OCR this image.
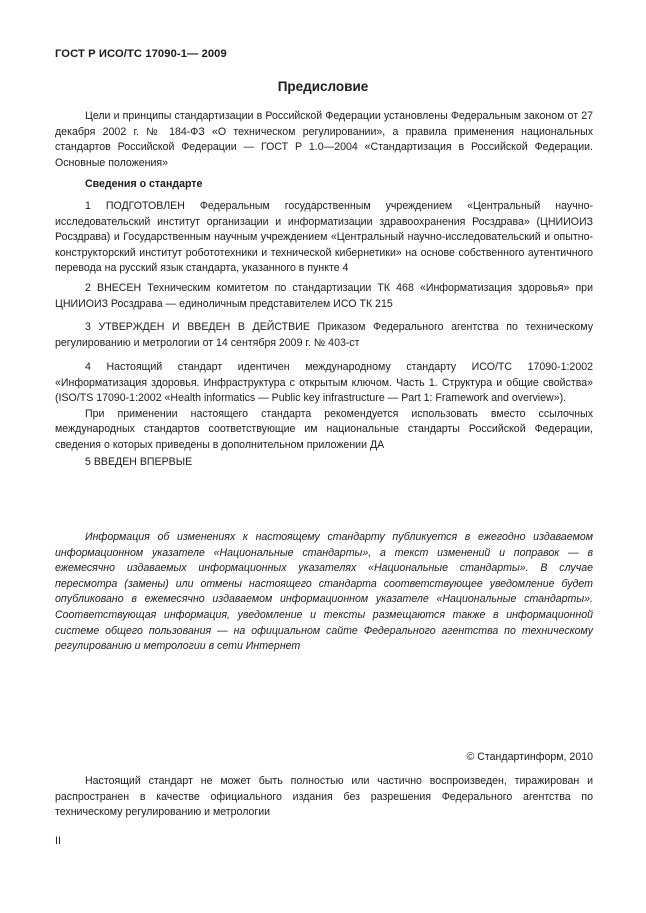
ГОСТ Р ИСО/ТС 17090-1— 2009
Предисловие

Цели и принципы стандартизации в Российской Федерации установлены Федеральным законом от 27 декабря 2002 г. № 184-ФЗ «О техническом регулировании», а правила применения национальных стандартов Российской Федерации — ГОСТ Р 1.0—2004 «Стандартизация в Российской Федерации. Основные положения»

Сведения о стандарте

1 ПОДГОТОВЛЕН Федеральным государственным учреждением «Центральный научно-исследовательский институт организации и информатизации здравоохранения Росздрава» (ЦНИИОИЗ Росздрава) и Государственным научным учреждением «Центральный научно-исследовательский и опытно-конструкторский институт робототехники и технической кибернетики» на основе собственного аутентичного перевода на русский язык стандарта, указанного в пункте 4

2 ВНЕСЕН Техническим комитетом по стандартизации ТК 468 «Информатизация здоровья» при ЦНИИОИЗ Росздрава — единоличным представителем ИСО ТК 215

3 УТВЕРЖДЕН И ВВЕДЕН В ДЕЙСТВИЕ Приказом Федерального агентства по техническому регулированию и метрологии от 14 сентября 2009 г. № 403-ст

4 Настоящий стандарт идентичен международному стандарту ИСО/ТС 17090-1:2002 «Информатизация здоровья. Инфраструктура с открытым ключом. Часть 1. Структура и общие свойства» (ISO/TS 17090-1:2002 «Health informatics — Public key infrastructure — Part 1: Framework and overview»).

При применении настоящего стандарта рекомендуется использовать вместо ссылочных международных стандартов соответствующие им национальные стандарты Российской Федерации, сведения о которых приведены в дополнительном приложении ДА

5 ВВЕДЕН ВПЕРВЫЕ

Информация об изменениях к настоящему стандарту публикуется в ежегодно издаваемом информационном указателе «Национальные стандарты», а текст изменений и поправок — в ежемесячно издаваемых информационных указателях «Национальные стандарты». В случае пересмотра (замены) или отмены настоящего стандарта соответствующее уведомление будет опубликовано в ежемесячно издаваемом информационном указателе «Национальные стандарты». Соответствующая информация, уведомление и тексты размещаются также в информационной системе общего пользования — на официальном сайте Федерального агентства по техническому регулированию и метрологии в сети Интернет

© Стандартинформ, 2010

Настоящий стандарт не может быть полностью или частично воспроизведен, тиражирован и распространен в качестве официального издания без разрешения Федерального агентства по техническому регулированию и метрологии

II
